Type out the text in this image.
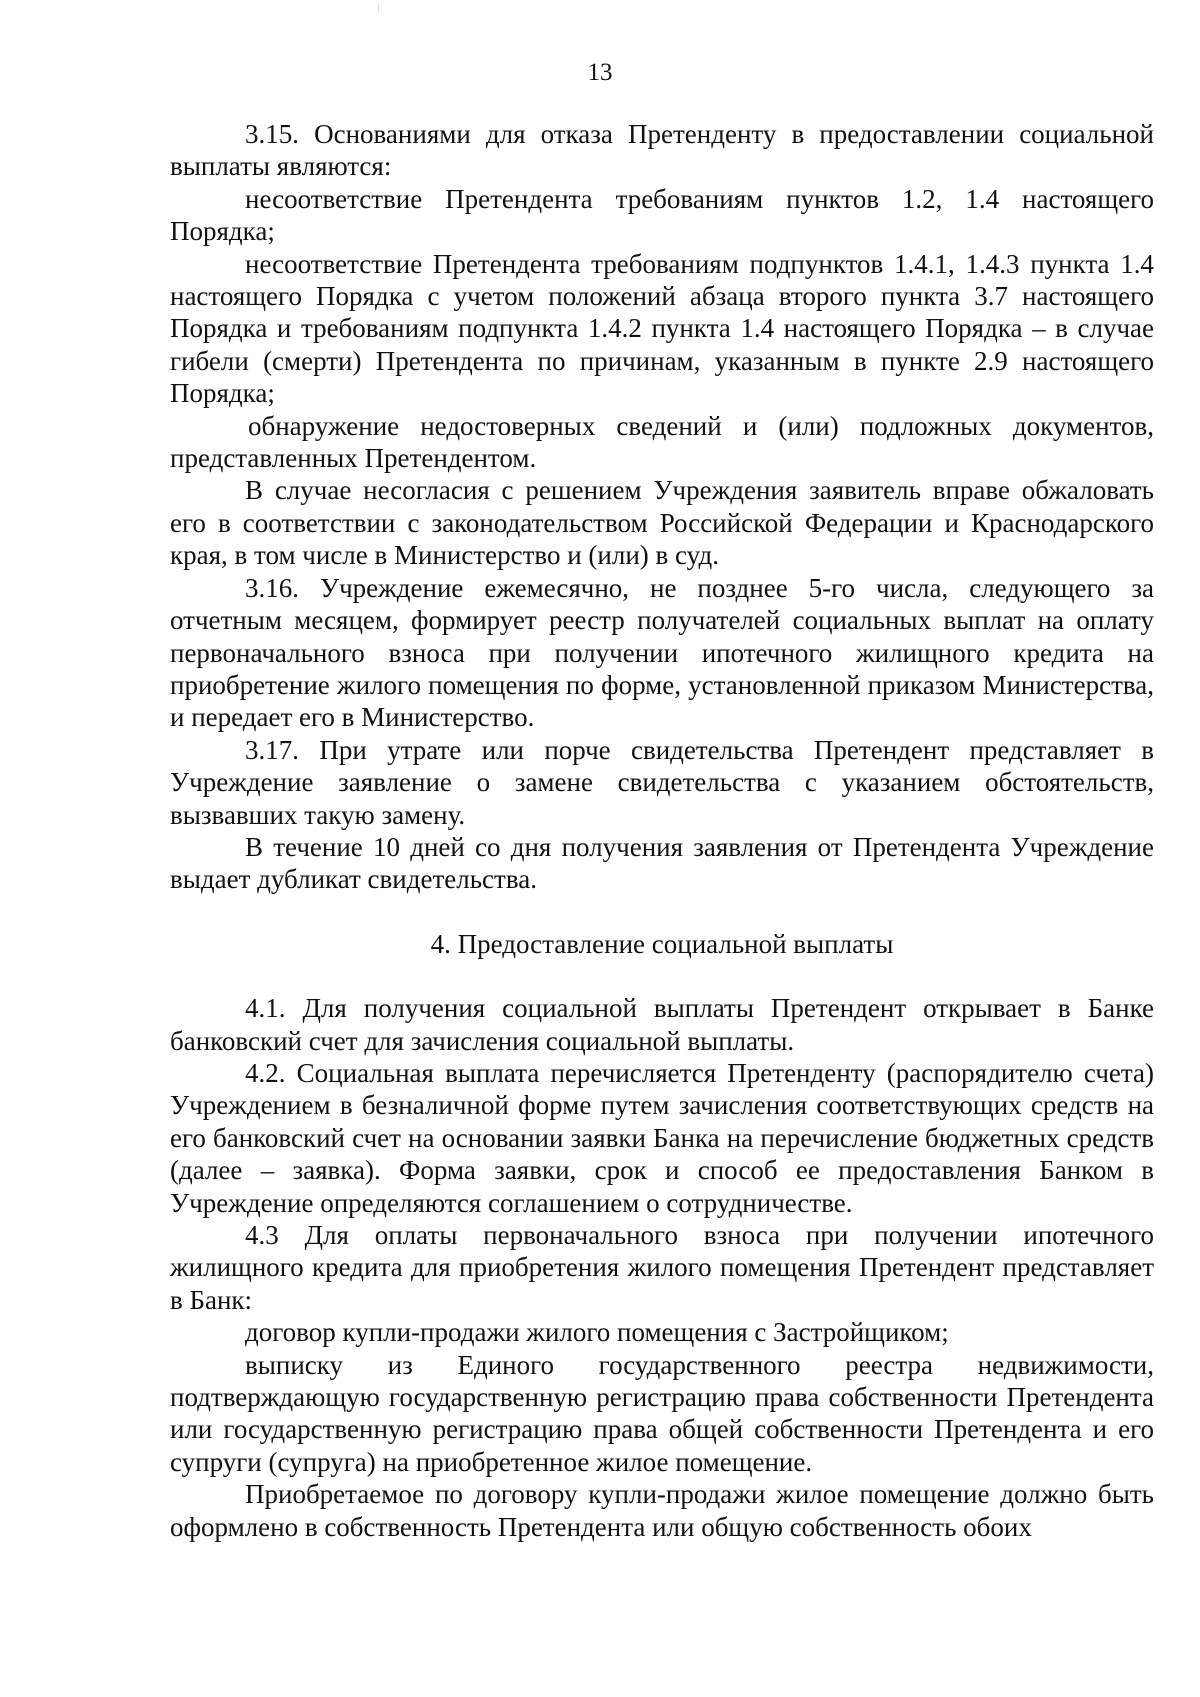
13

3.15. Основаниями для отказа Претенденту в предоставлении социальной выплаты являются:

несоответствие Претендента требованиям пунктов 1.2, 1.4 настоящего Порядка;

несоответствие Претендента требованиям подпунктов 1.4.1, 1.4.3 пункта 1.4 настоящего Порядка с учетом положений абзаца второго пункта 3.7 настоящего Порядка и требованиям подпункта 1.4.2 пункта 1.4 настоящего Порядка – в случае гибели (смерти) Претендента по причинам, указанным в пункте 2.9 настоящего Порядка;

обнаружение недостоверных сведений и (или) подложных документов, представленных Претендентом.

В случае несогласия с решением Учреждения заявитель вправе обжаловать его в соответствии с законодательством Российской Федерации и Краснодарского края, в том числе в Министерство и (или) в суд.

3.16. Учреждение ежемесячно, не позднее 5-го числа, следующего за отчетным месяцем, формирует реестр получателей социальных выплат на оплату первоначального взноса при получении ипотечного жилищного кредита на приобретение жилого помещения по форме, установленной приказом Министерства, и передает его в Министерство.

3.17. При утрате или порче свидетельства Претендент представляет в Учреждение заявление о замене свидетельства с указанием обстоятельств, вызвавших такую замену.

В течение 10 дней со дня получения заявления от Претендента Учреждение выдает дубликат свидетельства.

4. Предоставление социальной выплаты

4.1. Для получения социальной выплаты Претендент открывает в Банке банковский счет для зачисления социальной выплаты.

4.2. Социальная выплата перечисляется Претенденту (распорядителю счета) Учреждением в безналичной форме путем зачисления соответствующих средств на его банковский счет на основании заявки Банка на перечисление бюджетных средств (далее – заявка). Форма заявки, срок и способ ее предоставления Банком в Учреждение определяются соглашением о сотрудничестве.

4.3 Для оплаты первоначального взноса при получении ипотечного жилищного кредита для приобретения жилого помещения Претендент представляет в Банк:

договор купли-продажи жилого помещения с Застройщиком;

выписку из Единого государственного реестра недвижимости, подтверждающую государственную регистрацию права собственности Претендента или государственную регистрацию права общей собственности Претендента и его супруги (супруга) на приобретенное жилое помещение.

Приобретаемое по договору купли-продажи жилое помещение должно быть оформлено в собственность Претендента или общую собственность обоих
